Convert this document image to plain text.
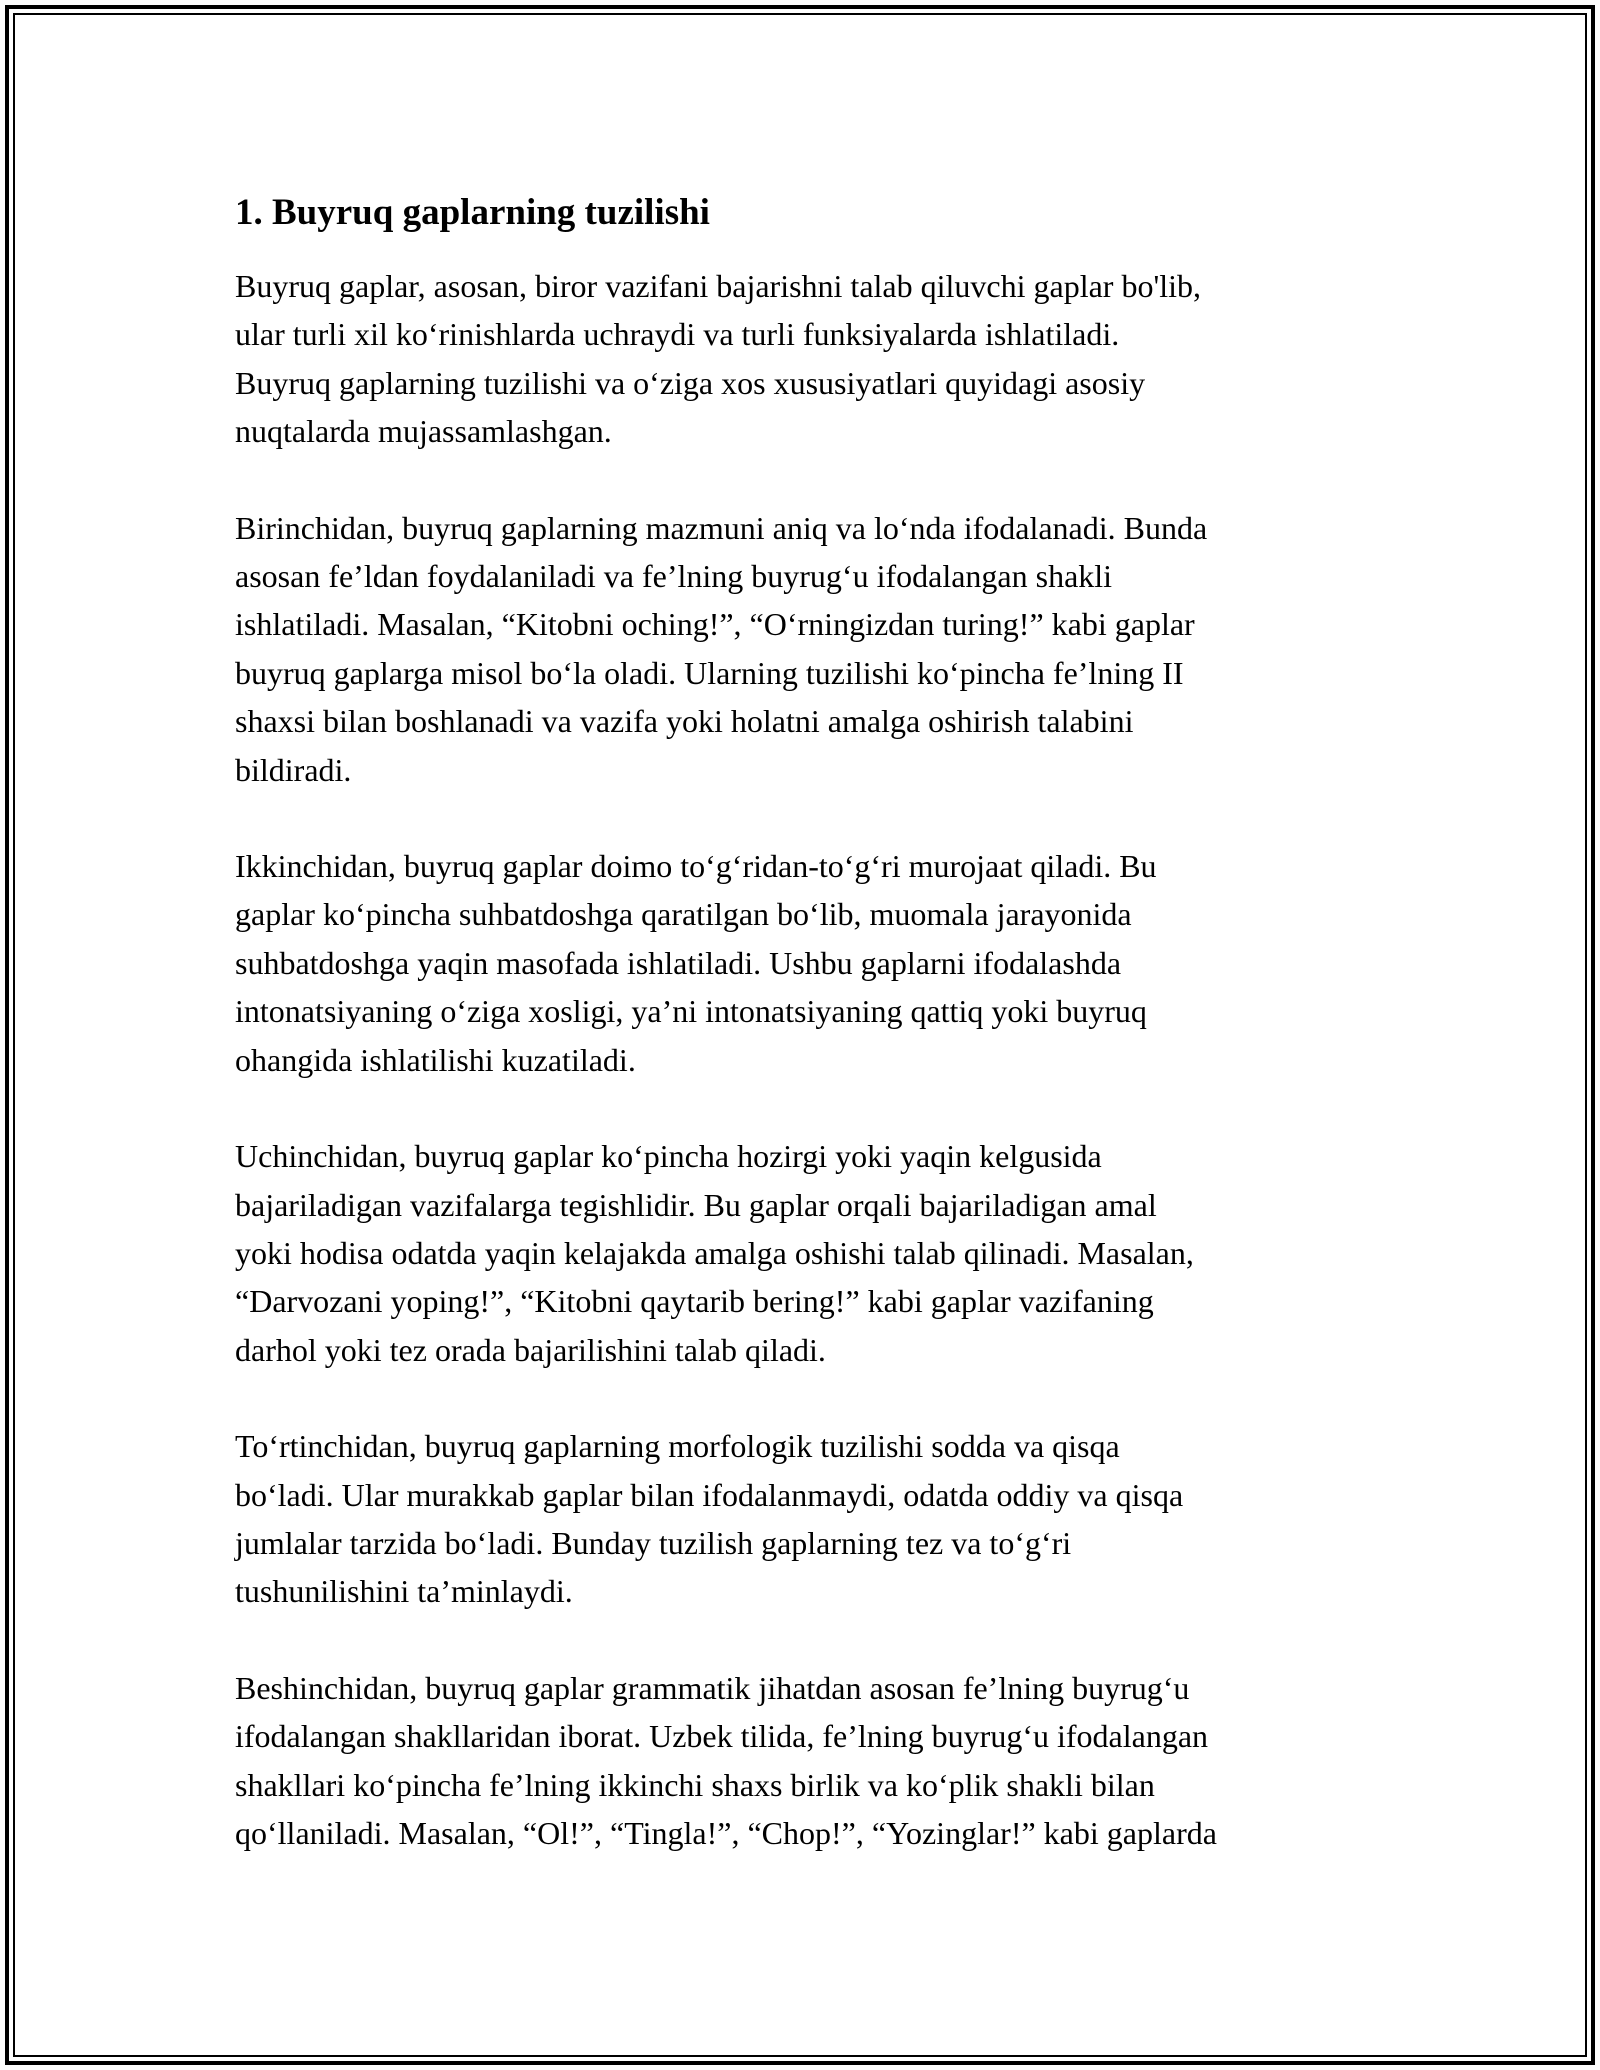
1. Buyruq gaplarning tuzilishi

Buyruq gaplar, asosan, biror vazifani bajarishni talab qiluvchi gaplar bo'lib,
ular turli xil ko‘rinishlarda uchraydi va turli funksiyalarda ishlatiladi.
Buyruq gaplarning tuzilishi va o‘ziga xos xususiyatlari quyidagi asosiy
nuqtalarda mujassamlashgan.

Birinchidan, buyruq gaplarning mazmuni aniq va lo‘nda ifodalanadi. Bunda
asosan fe’ldan foydalaniladi va fe’lning buyrug‘u ifodalangan shakli
ishlatiladi. Masalan, “Kitobni oching!”, “O‘rningizdan turing!” kabi gaplar
buyruq gaplarga misol bo‘la oladi. Ularning tuzilishi ko‘pincha fe’lning II
shaxsi bilan boshlanadi va vazifa yoki holatni amalga oshirish talabini
bildiradi.

Ikkinchidan, buyruq gaplar doimo to‘g‘ridan-to‘g‘ri murojaat qiladi. Bu
gaplar ko‘pincha suhbatdoshga qaratilgan bo‘lib, muomala jarayonida
suhbatdoshga yaqin masofada ishlatiladi. Ushbu gaplarni ifodalashda
intonatsiyaning o‘ziga xosligi, ya’ni intonatsiyaning qattiq yoki buyruq
ohangida ishlatilishi kuzatiladi.

Uchinchidan, buyruq gaplar ko‘pincha hozirgi yoki yaqin kelgusida
bajariladigan vazifalarga tegishlidir. Bu gaplar orqali bajariladigan amal
yoki hodisa odatda yaqin kelajakda amalga oshishi talab qilinadi. Masalan,
“Darvozani yoping!”, “Kitobni qaytarib bering!” kabi gaplar vazifaning
darhol yoki tez orada bajarilishini talab qiladi.

To‘rtinchidan, buyruq gaplarning morfologik tuzilishi sodda va qisqa
bo‘ladi. Ular murakkab gaplar bilan ifodalanmaydi, odatda oddiy va qisqa
jumlalar tarzida bo‘ladi. Bunday tuzilish gaplarning tez va to‘g‘ri
tushunilishini ta’minlaydi.

Beshinchidan, buyruq gaplar grammatik jihatdan asosan fe’lning buyrug‘u
ifodalangan shakllaridan iborat. Uzbek tilida, fe’lning buyrug‘u ifodalangan
shakllari ko‘pincha fe’lning ikkinchi shaxs birlik va ko‘plik shakli bilan
qo‘llaniladi. Masalan, “Ol!”, “Tingla!”, “Chop!”, “Yozinglar!” kabi gaplarda
